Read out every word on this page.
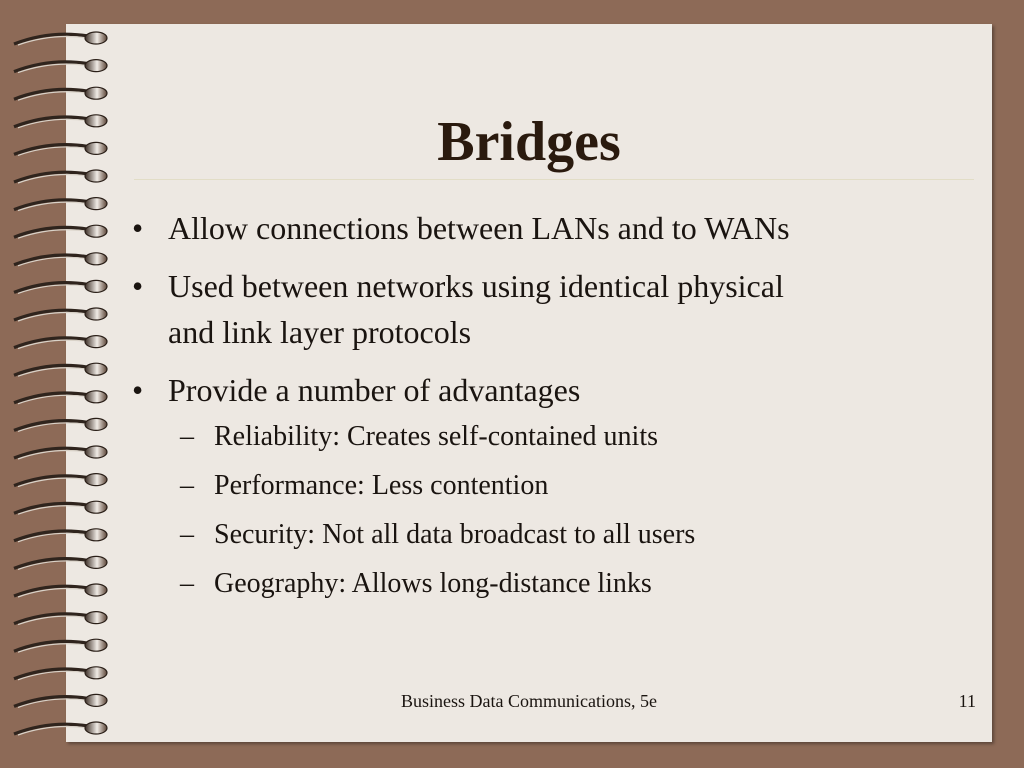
Bridges
• Allow connections between LANs and to WANs
• Used between networks using identical physical and link layer protocols
• Provide a number of advantages
– Reliability: Creates self-contained units
– Performance: Less contention
– Security: Not all data broadcast to all users
– Geography: Allows long-distance links
Business Data Communications, 5e	11
